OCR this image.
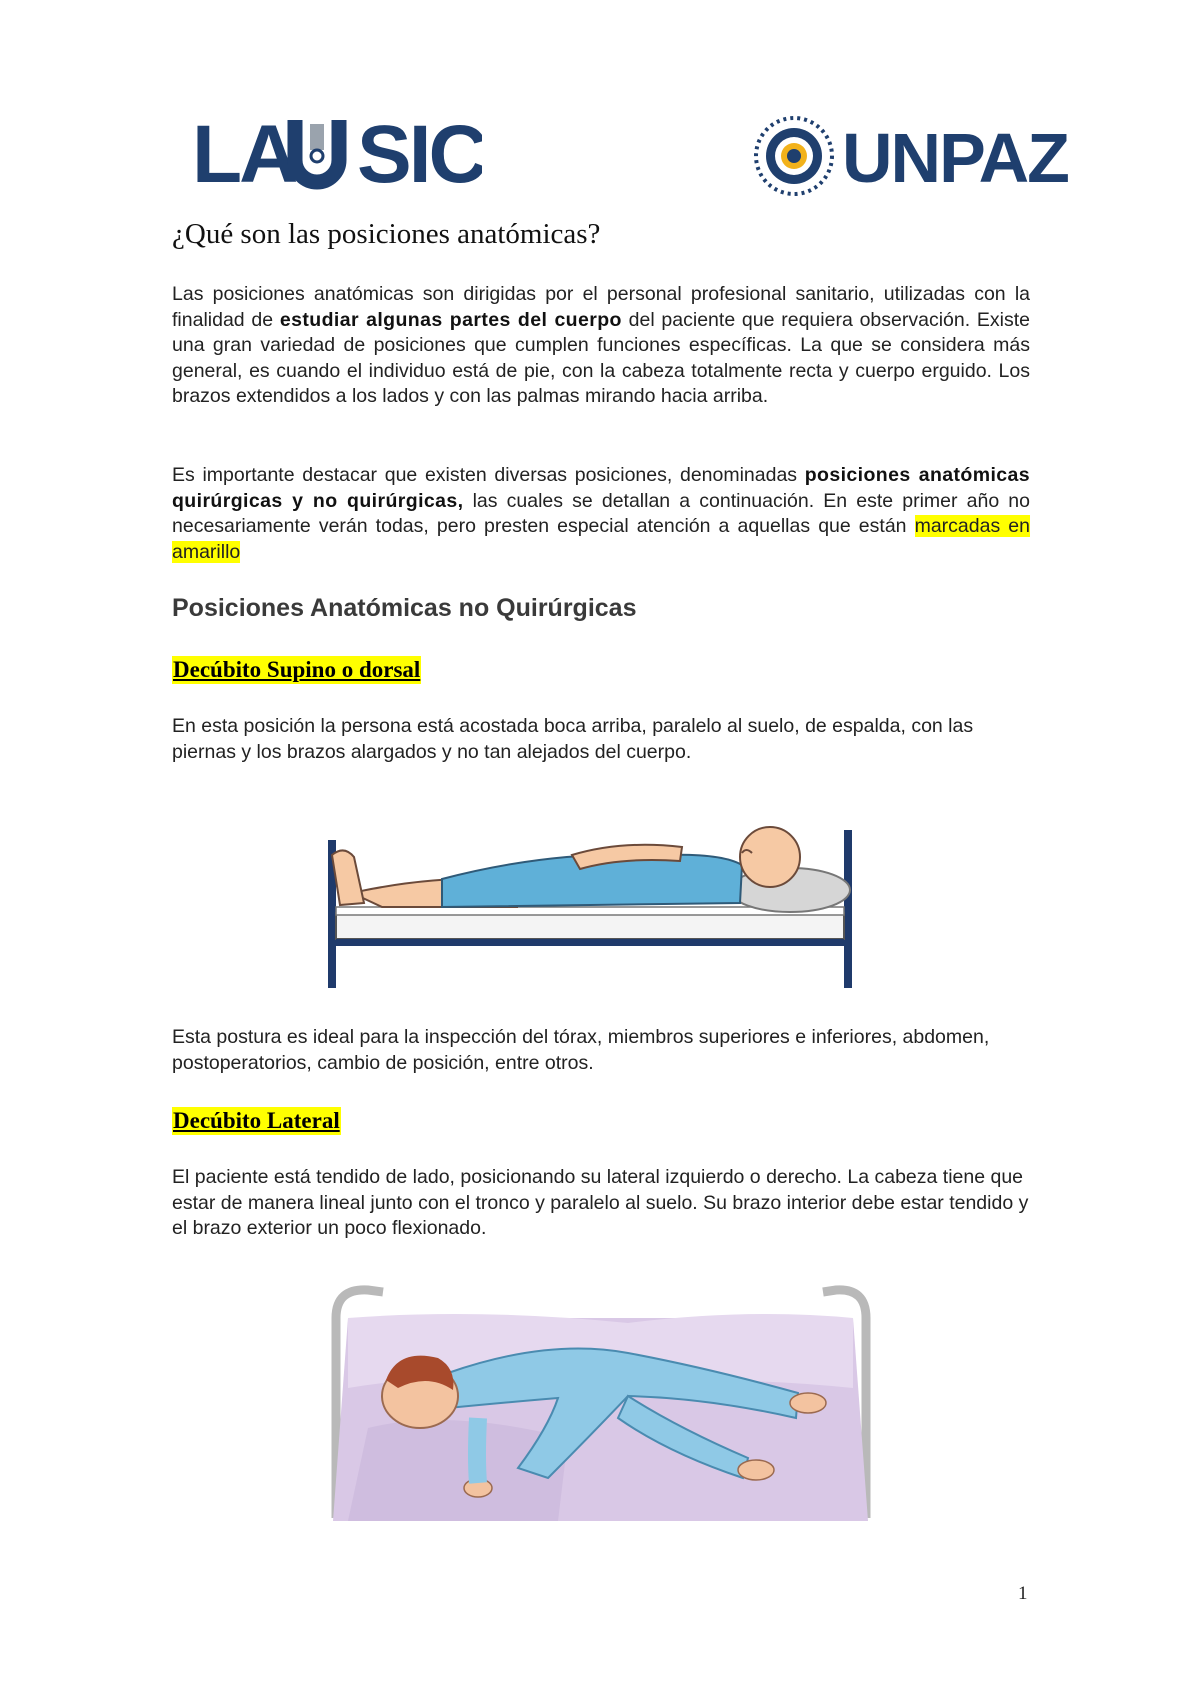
LA SIC	UNPAZ
¿Qué son las posiciones anatómicas?

Las posiciones anatómicas son dirigidas por el personal profesional sanitario, utilizadas con la finalidad de estudiar algunas partes del cuerpo del paciente que requiera observación. Existe una gran variedad de posiciones que cumplen funciones específicas. La que se considera más general, es cuando el individuo está de pie, con la cabeza totalmente recta y cuerpo erguido. Los brazos extendidos a los lados y con las palmas mirando hacia arriba.

Es importante destacar que existen diversas posiciones, denominadas posiciones anatómicas quirúrgicas y no quirúrgicas, las cuales se detallan a continuación. En este primer año no necesariamente verán todas, pero presten especial atención a aquellas que están marcadas en amarillo

Posiciones Anatómicas no Quirúrgicas
Decúbito Supino o dorsal

En esta posición la persona está acostada boca arriba, paralelo al suelo, de espalda, con las piernas y los brazos alargados y no tan alejados del cuerpo.

Esta postura es ideal para la inspección del tórax, miembros superiores e inferiores, abdomen, postoperatorios, cambio de posición, entre otros.

Decúbito Lateral

El paciente está tendido de lado, posicionando su lateral izquierdo o derecho. La cabeza tiene que estar de manera lineal junto con el tronco y paralelo al suelo. Su brazo interior debe estar tendido y el brazo exterior un poco flexionado.

1
